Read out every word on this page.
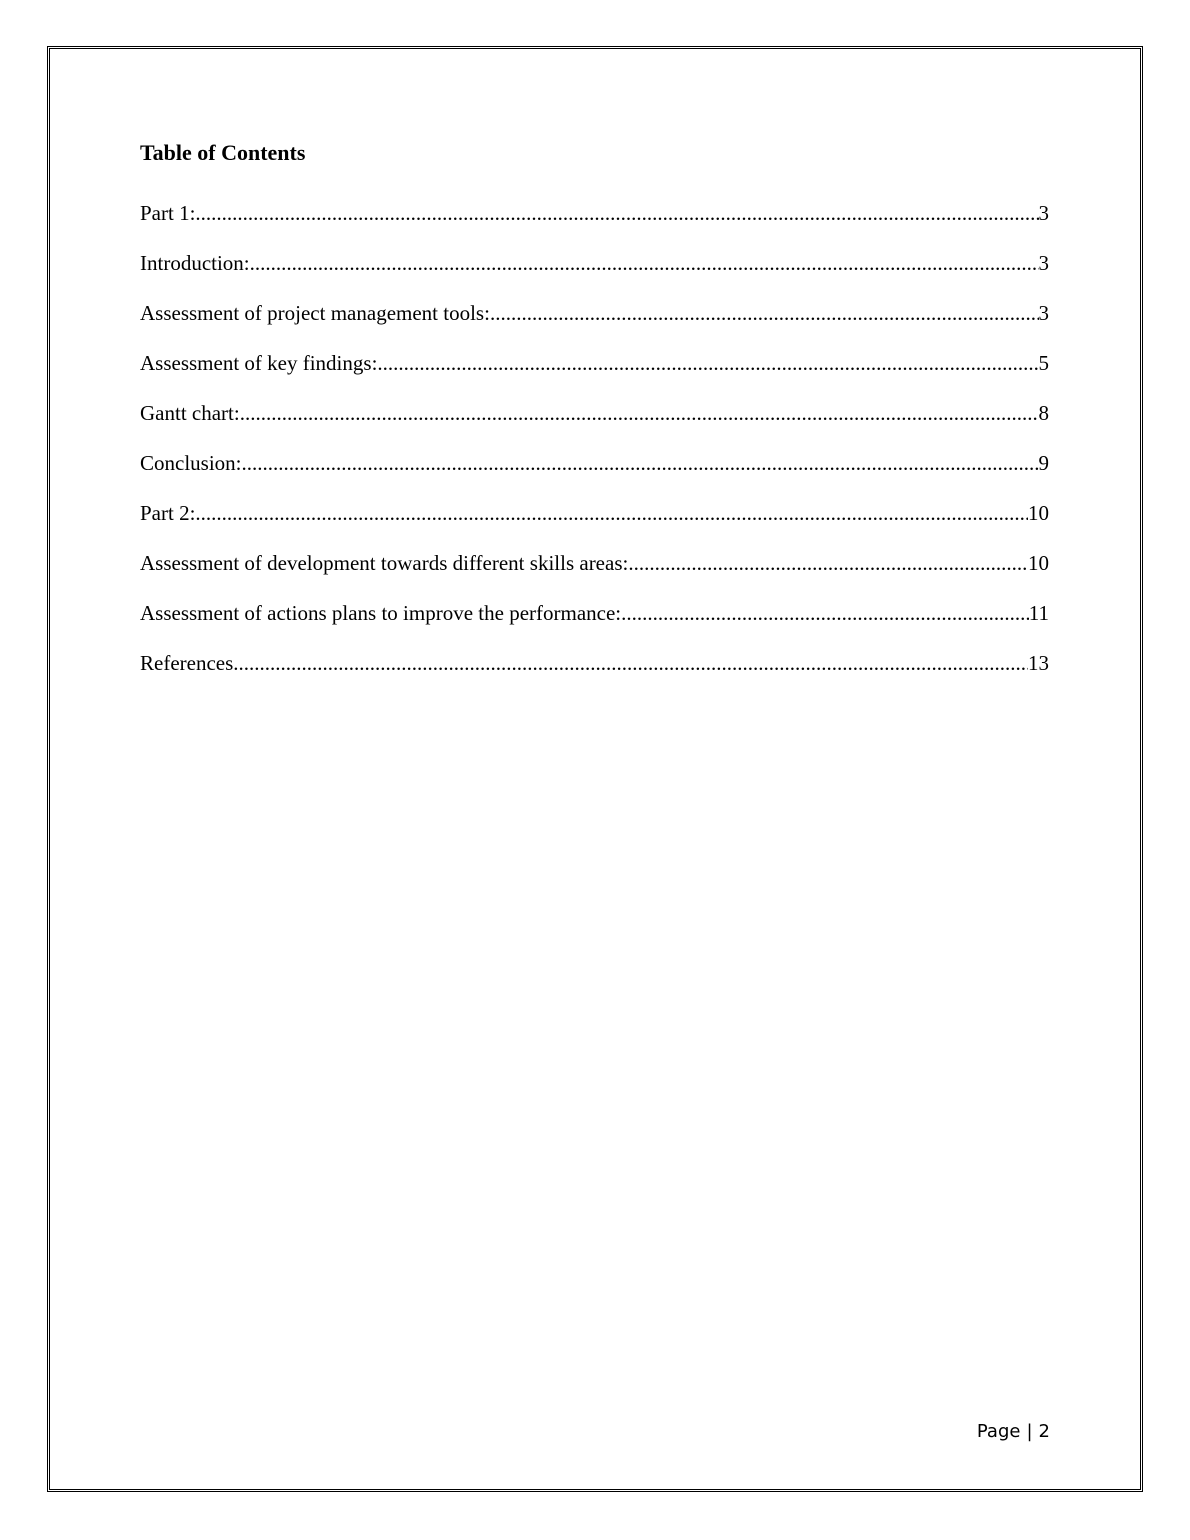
Table of Contents
Part 1: .....	3
Introduction: .....	3
Assessment of project management tools: .....	3
Assessment of key findings: .....	5
Gantt chart: .....	8
Conclusion: .....	9
Part 2: .....	10
Assessment of development towards different skills areas: .....	10
Assessment of actions plans to improve the performance: .....	11
References .....	13
Page | 2
